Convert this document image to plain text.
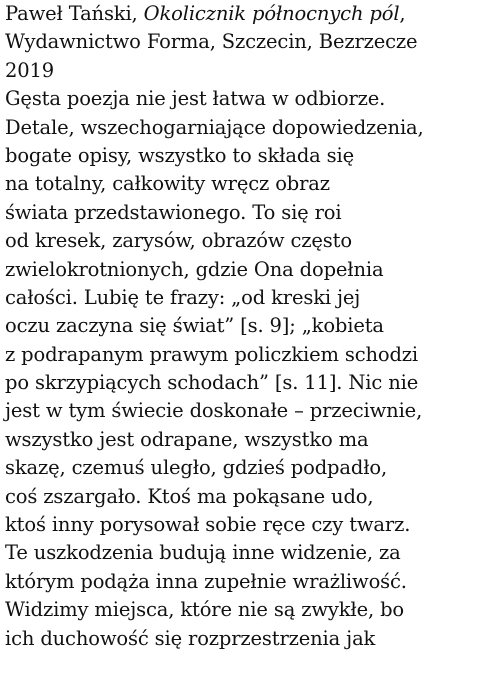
Paweł Tański, Okolicznik północnych pól,
Wydawnictwo Forma, Szczecin, Bezrzecze
2019
Gęsta poezja nie jest łatwa w odbiorze.
Detale, wszechogarniające dopowiedzenia,
bogate opisy, wszystko to składa się
na totalny, całkowity wręcz obraz
świata przedstawionego. To się roi
od kresek, zarysów, obrazów często
zwielokrotnionych, gdzie Ona dopełnia
całości. Lubię te frazy: „od kreski jej
oczu zaczyna się świat” [s. 9]; „kobieta
z podrapanym prawym policzkiem schodzi
po skrzypiących schodach” [s. 11]. Nic nie
jest w tym świecie doskonałe – przeciwnie,
wszystko jest odrapane, wszystko ma
skazę, czemuś uległo, gdzieś podpadło,
coś zszargało. Ktoś ma pokąsane udo,
ktoś inny porysował sobie ręce czy twarz.
Te uszkodzenia budują inne widzenie, za
którym podąża inna zupełnie wrażliwość.
Widzimy miejsca, które nie są zwykłe, bo
ich duchowość się rozprzestrzenia jak
